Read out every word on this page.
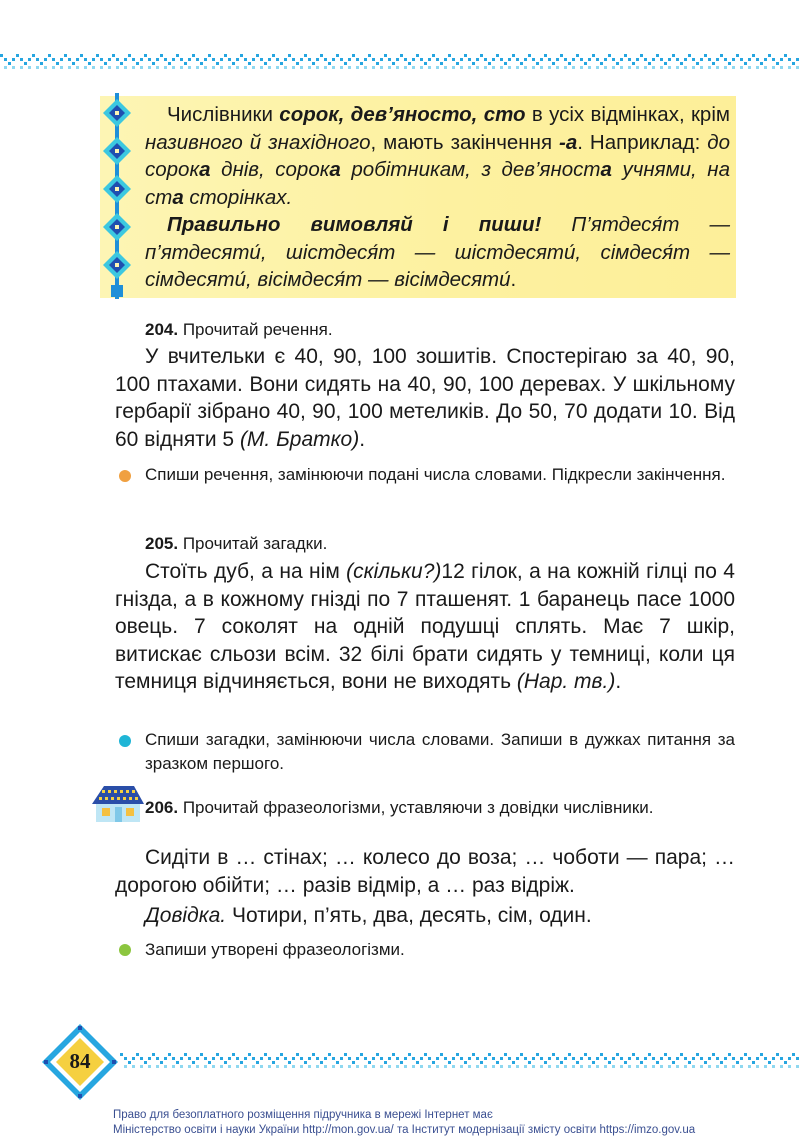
Числівники сорок, дев’яносто, сто в усіх відмінках, крім називного й знахідного, мають закінчення -а. Наприклад: до сорока днів, сорока робітникам, з дев’яноста учнями, на ста сторінках.

Правильно вимовляй і пиши! П’ятдеся́т — п’ятдесяти́, шістдеся́т — шістдесяти́, сімдеся́т — сімдесяти́, вісімдеся́т — вісімдесяти́.

204. Прочитай речення.

У вчительки є 40, 90, 100 зошитів. Спостерігаю за 40, 90, 100 птахами. Вони сидять на 40, 90, 100 деревах. У шкільному гербарії зібрано 40, 90, 100 метеликів. До 50, 70 додати 10. Від 60 відняти 5 (М. Братко).

Спиши речення, замінюючи подані числа словами. Підкресли закінчення.
205. Прочитай загадки.

Стоїть дуб, а на нім (скільки?)12 гілок, а на кожній гілці по 4 гнізда, а в кожному гнізді по 7 пташенят. 1 баранець пасе 1000 овець. 7 соколят на одній подушці сплять. Має 7 шкір, витискає сльози всім. 32 білі брати сидять у темниці, коли ця темниця відчиняється, вони не виходять (Нар. тв.).

Спиши загадки, замінюючи числа словами. Запиши в дужках питання за зразком першого.
206. Прочитай фразеологізми, уставляючи з довідки числівники.

Сидіти в … стінах; … колесо до воза; … чоботи — пара; … дорогою обійти; … разів відмір, а … раз відріж.

Довідка. Чотири, п’ять, два, десять, сім, один.

Запиши утворені фразеологізми.
84
Право для безоплатного розміщення підручника в мережі Інтернет має
Міністерство освіти і науки України http://mon.gov.ua/ та Інститут модернізації змісту освіти https://imzo.gov.ua
